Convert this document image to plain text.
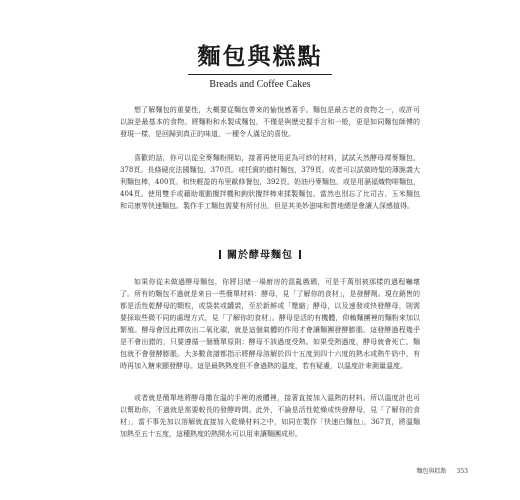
麵包與糕點
Breads and Coffee Cakes

想了解麵包的重要性，大概要從麵包帶來的愉悅感著手。麵包是最古老的食物之一，或許可以說是最基本的食物。將麵粉和水製成麵包，不僅是與歷史握手言和一般，更是如同麵包師傅的發現一樣，是回歸到真正的味道，一種令人滿足的喜悅。

喜歡的話，你可以從全麥麵粉開始，接著再使用更為可紗的材料，試試天然酵母裸麥麵包，378頁。長條硬皮法國麵包，370頁。或托賓的德村麵包，379頁。或者可以試做時髦的薄脆義大利麵包棒，400頁。和快輕盈的布里歐修餐包，392頁。奶油丹麥麵包，或是用濕福熾物啡麵包，404頁。使用雙手或藉助電動攪拌機和鉤狀攪拌棒來揉製麵包。當然也別忘了比司吉、玉米麵包和司康等快速麵包。製作手工麵包需要有所付出，但是其美妙滋味和質地總是會讓人深感值得。

關於酵母麵包

如果你從未做過酵母麵包，你將目睹一場廚房的混亂戲碼，可是千萬別被那樣的過程嚇壞了。所有的麵包不過就是來自一些簡單材料：酵母，見「了解你的食材」，是發酵劑。現在銷售的都是活性乾酵母的顆粒，或袋裝或罐裝，至於新鮮或「壓縮」酵母，以及速發或快發酵母，則需要採取些微不同的處理方式，見「了解你的食材」。酵母是活的有機體，仰賴麵團裡的麵粉來加以繁殖。酵母會因此釋放出二氧化碳，就是這個氣體的作用才會讓麵團發酵膨脹。這發酵過程幾乎是不會出錯的，只要遵循一個簡單原則：酵母不該過度受熱。如果受熱過度，酵母就會死亡，麵包就不會發酵膨脹。大多數食譜都指示將酵母溶解於四十五度到四十六度的熱水或熱牛奶中，有時再加入糖來顯發酵母。這是最熱熱度但不會過熱的溫度，若有疑慮，以溫度計來測量溫度。

或者就是簡單地將酵母撒在溫的手裡的液體裡，接著直接加入溫熱的材料。所以溫度計也可以幫助你，不過就是需要較長的發酵時間。此外，不論是活性乾燥或快發酵母，見「了解你的食材」，當不事先加以溶解就直接加入乾燥材料之中，如同在製作「快速白麵包」，367頁，將溫麵加熱至五十五度，這種熱度的熱開水可以用來讓麵團成形。

麵包與糕點 353
